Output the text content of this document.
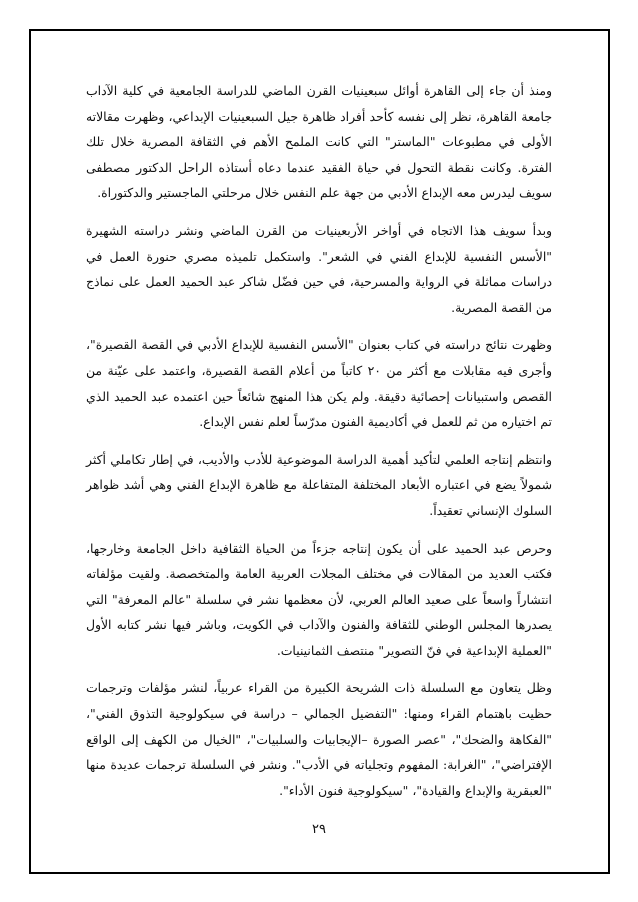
ومنذ أن جاء إلى القاهرة أوائل سبعينيات القرن الماضي للدراسة الجامعية في كلية الآداب جامعة القاهرة، نظر إلى نفسه كأحد أفراد ظاهرة جيل السبعينيات الإبداعي، وظهرت مقالاته الأولى في مطبوعات "الماستر" التي كانت الملمح الأهم في الثقافة المصرية خلال تلك الفترة. وكانت نقطة التحول في حياة الفقيد عندما دعاه أستاذه الراحل الدكتور مصطفى سويف ليدرس معه الإبداع الأدبي من جهة علم النفس خلال مرحلتي الماجستير والدكتوراة.

وبدأ سويف هذا الاتجاه في أواخر الأربعينيات من القرن الماضي ونشر دراسته الشهيرة "الأسس النفسية للإبداع الفني في الشعر". واستكمل تلميذه مصري حنورة العمل في دراسات مماثلة في الرواية والمسرحية، في حين فضّل شاكر عبد الحميد العمل على نماذج من القصة المصرية.

وظهرت نتائج دراسته في كتاب بعنوان "الأسس النفسية للإبداع الأدبي في القصة القصيرة"، وأجرى فيه مقابلات مع أكثر من ٢٠ كاتباً من أعلام القصة القصيرة، واعتمد على عيّنة من القصص واستبيانات إحصائية دقيقة. ولم يكن هذا المنهج شائعاً حين اعتمده عبد الحميد الذي تم اختياره من ثم للعمل في أكاديمية الفنون مدرّساً لعلم نفس الإبداع.

وانتظم إنتاجه العلمي لتأكيد أهمية الدراسة الموضوعية للأدب والأديب، في إطار تكاملي أكثر شمولاً يضع في اعتباره الأبعاد المختلفة المتفاعلة مع ظاهرة الإبداع الفني وهي أشد ظواهر السلوك الإنساني تعقيداً.

وحرص عبد الحميد على أن يكون إنتاجه جزءاً من الحياة الثقافية داخل الجامعة وخارجها، فكتب العديد من المقالات في مختلف المجلات العربية العامة والمتخصصة. ولقيت مؤلفاته انتشاراً واسعاً على صعيد العالم العربي، لأن معظمها نشر في سلسلة "عالم المعرفة" التي يصدرها المجلس الوطني للثقافة والفنون والآداب في الكويت، وباشر فيها نشر كتابه الأول "العملية الإبداعية في فنّ التصوير" منتصف الثمانينيات.

وظل يتعاون مع السلسلة ذات الشريحة الكبيرة من القراء عربياً، لنشر مؤلفات وترجمات حظيت باهتمام القراء ومنها: "التفضيل الجمالي – دراسة في سيكولوجية التذوق الفني"، "الفكاهة والضحك"، "عصر الصورة –الإيجابيات والسلبيات"، "الخيال من الكهف إلى الواقع الإفتراضي"، "الغرابة: المفهوم وتجلياته في الأدب". ونشر في السلسلة ترجمات عديدة منها "العبقرية والإبداع والقيادة"، "سيكولوجية فنون الأداء".

٢٩
